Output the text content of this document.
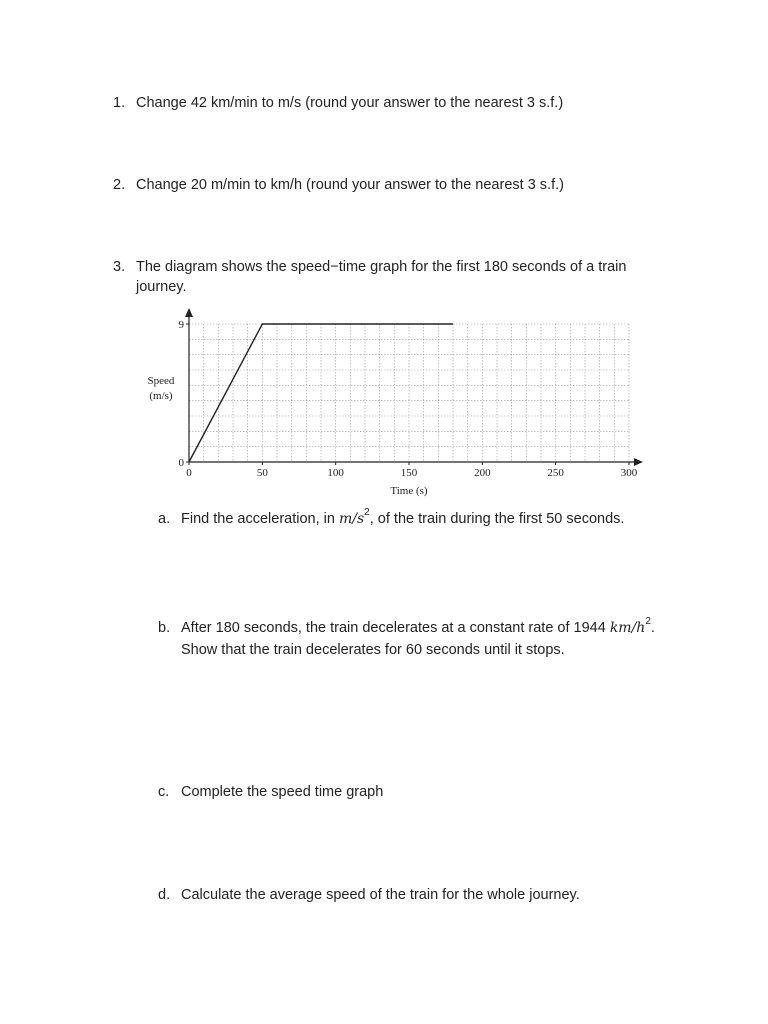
1. Change 42 km/min to m/s (round your answer to the nearest 3 s.f.)
2. Change 20 m/min to km/h (round your answer to the nearest 3 s.f.)
3. The diagram shows the speed−time graph for the first 180 seconds of a train
journey.
0	50	100	150	200	250	300
0
9
Speed
(m/s)
Time (s)
a. Find the acceleration, in $m/s^2$, of the train during the first 50 seconds.
b. After 180 seconds, the train decelerates at a constant rate of 1944 $km/h^2$.
Show that the train decelerates for 60 seconds until it stops.
c. Complete the speed time graph
d. Calculate the average speed of the train for the whole journey.
